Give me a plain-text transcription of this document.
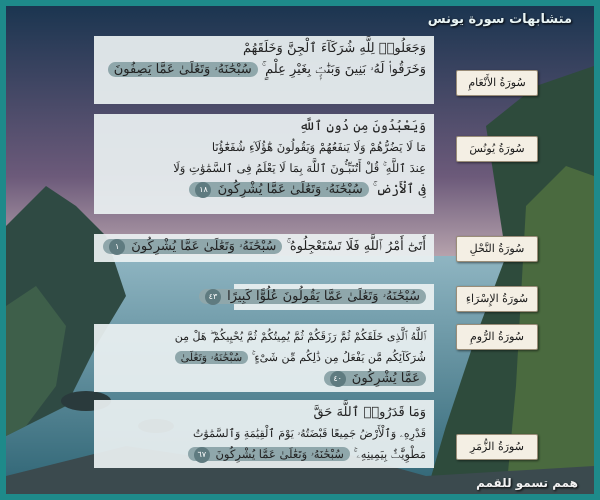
متشابهات سورة يونس
وَجَعَلُوا۟ لِلَّهِ شُرَكَآءَ ٱلْجِنَّ وَخَلَقَهُمْ
وَخَرَقُوا۟ لَهُۥ بَنِينَ وَبَنَٰتٍۭ بِغَيْرِ عِلْمٍ ۚ سُبْحَٰنَهُۥ وَتَعَٰلَىٰ عَمَّا يَصِفُونَ
سُورَةُ الأَنْعَامِ
وَيَعْبُدُونَ مِن دُونِ ٱللَّهِ
مَا لَا يَضُرُّهُمْ وَلَا يَنفَعُهُمْ وَيَقُولُونَ هَٰٓؤُلَآءِ شُفَعَٰٓؤُنَا
عِندَ ٱللَّهِ ۚ قُلْ أَتُنَبِّـُٔونَ ٱللَّهَ بِمَا لَا يَعْلَمُ فِى ٱلسَّمَٰوَٰتِ وَلَا
فِى ٱلْأَرْضِ ۚ سُبْحَٰنَهُۥ وَتَعَٰلَىٰ عَمَّا يُشْرِكُونَ ١٨
سُورَةُ يُونُسَ
أَتَىٰٓ أَمْرُ ٱللَّهِ فَلَا تَسْتَعْجِلُوهُ ۚ سُبْحَٰنَهُۥ وَتَعَٰلَىٰ عَمَّا يُشْرِكُونَ ١	سُورَةُ النَّحْلِ
سُبْحَٰنَهُۥ وَتَعَٰلَىٰ عَمَّا يَقُولُونَ عُلُوًّا كَبِيرًا ٤٣	سُورَةُ الإِسْرَاءِ
ٱللَّهُ ٱلَّذِى خَلَقَكُمْ ثُمَّ رَزَقَكُمْ ثُمَّ يُمِيتُكُمْ ثُمَّ يُحْيِيكُمْ ۖ هَلْ مِن
شُرَكَآئِكُم مَّن يَفْعَلُ مِن ذَٰلِكُم مِّن شَىْءٍ ۚ سُبْحَٰنَهُۥ وَتَعَٰلَىٰ
عَمَّا يُشْرِكُونَ ٤٠
سُورَةُ الرُّومِ
وَمَا قَدَرُوا۟ ٱللَّهَ حَقَّ
قَدْرِهِۦ وَٱلْأَرْضُ جَمِيعًا قَبْضَتُهُۥ يَوْمَ ٱلْقِيَٰمَةِ وَٱلسَّمَٰوَٰتُ
مَطْوِيَّٰتٌۢ بِيَمِينِهِۦ ۚ سُبْحَٰنَهُۥ وَتَعَٰلَىٰ عَمَّا يُشْرِكُونَ ٦٧
سُورَةُ الزُّمَرِ
همم تسمو للقمم
